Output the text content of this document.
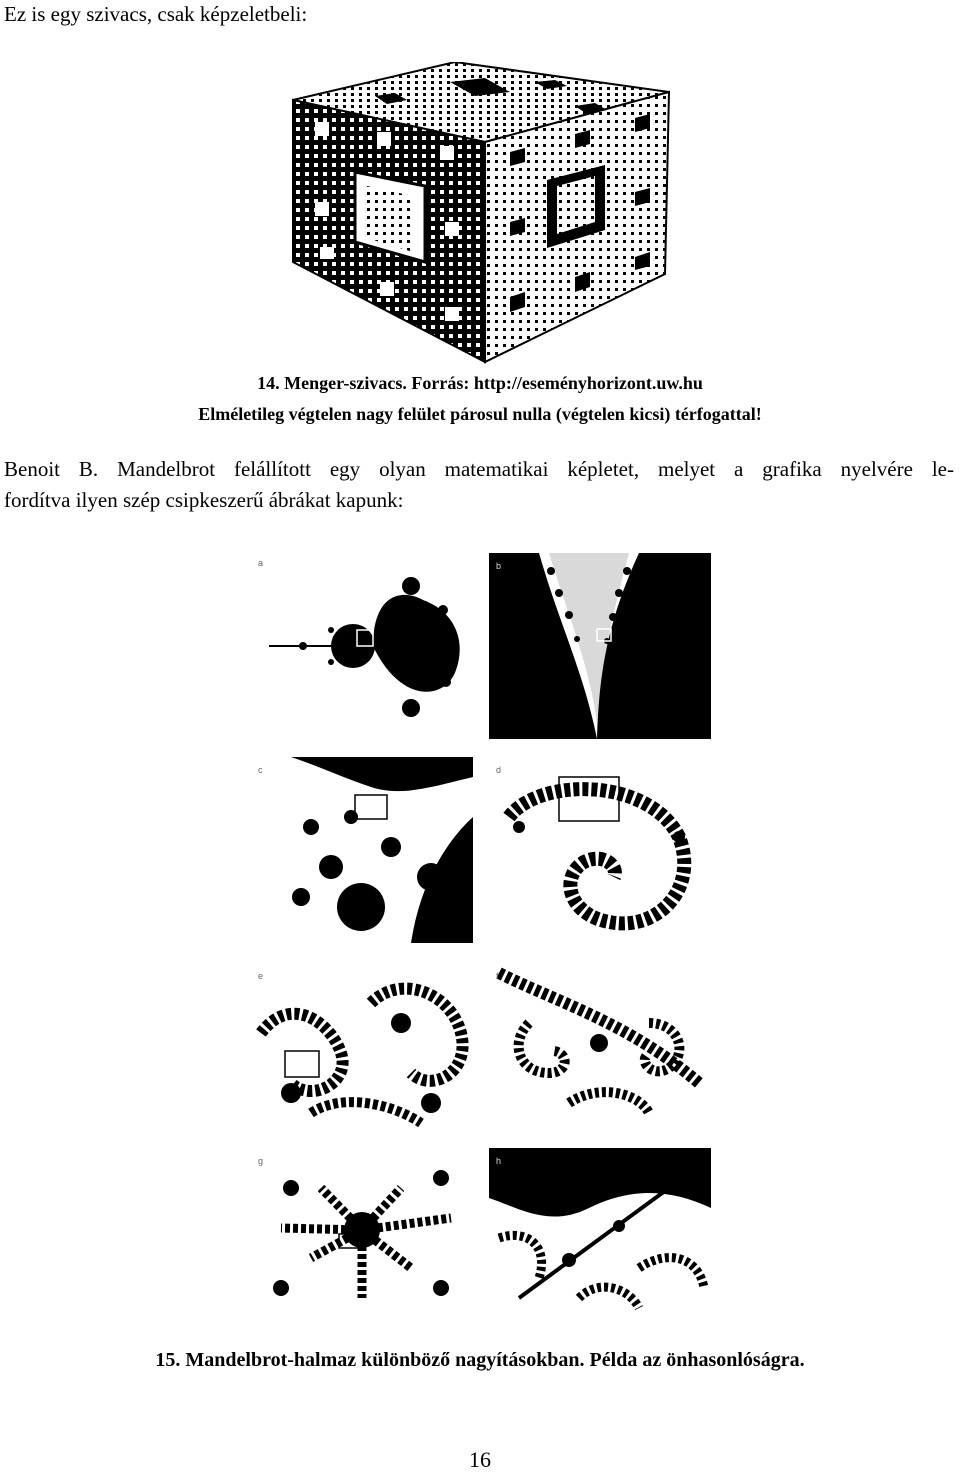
Ez is egy szivacs, csak képzeletbeli:
14. Menger-szivacs. Forrás: http://eseményhorizont.uw.hu
Elméletileg végtelen nagy felület párosul nulla (végtelen kicsi) térfogattal!
Benoit B. Mandelbrot felállított egy olyan matematikai képletet, melyet a grafika nyelvére le-
fordítva ilyen szép csipkeszerű ábrákat kapunk:
a	b
c	d
e	f
g	h
15. Mandelbrot-halmaz különböző nagyításokban. Példa az önhasonlóságra.
16
